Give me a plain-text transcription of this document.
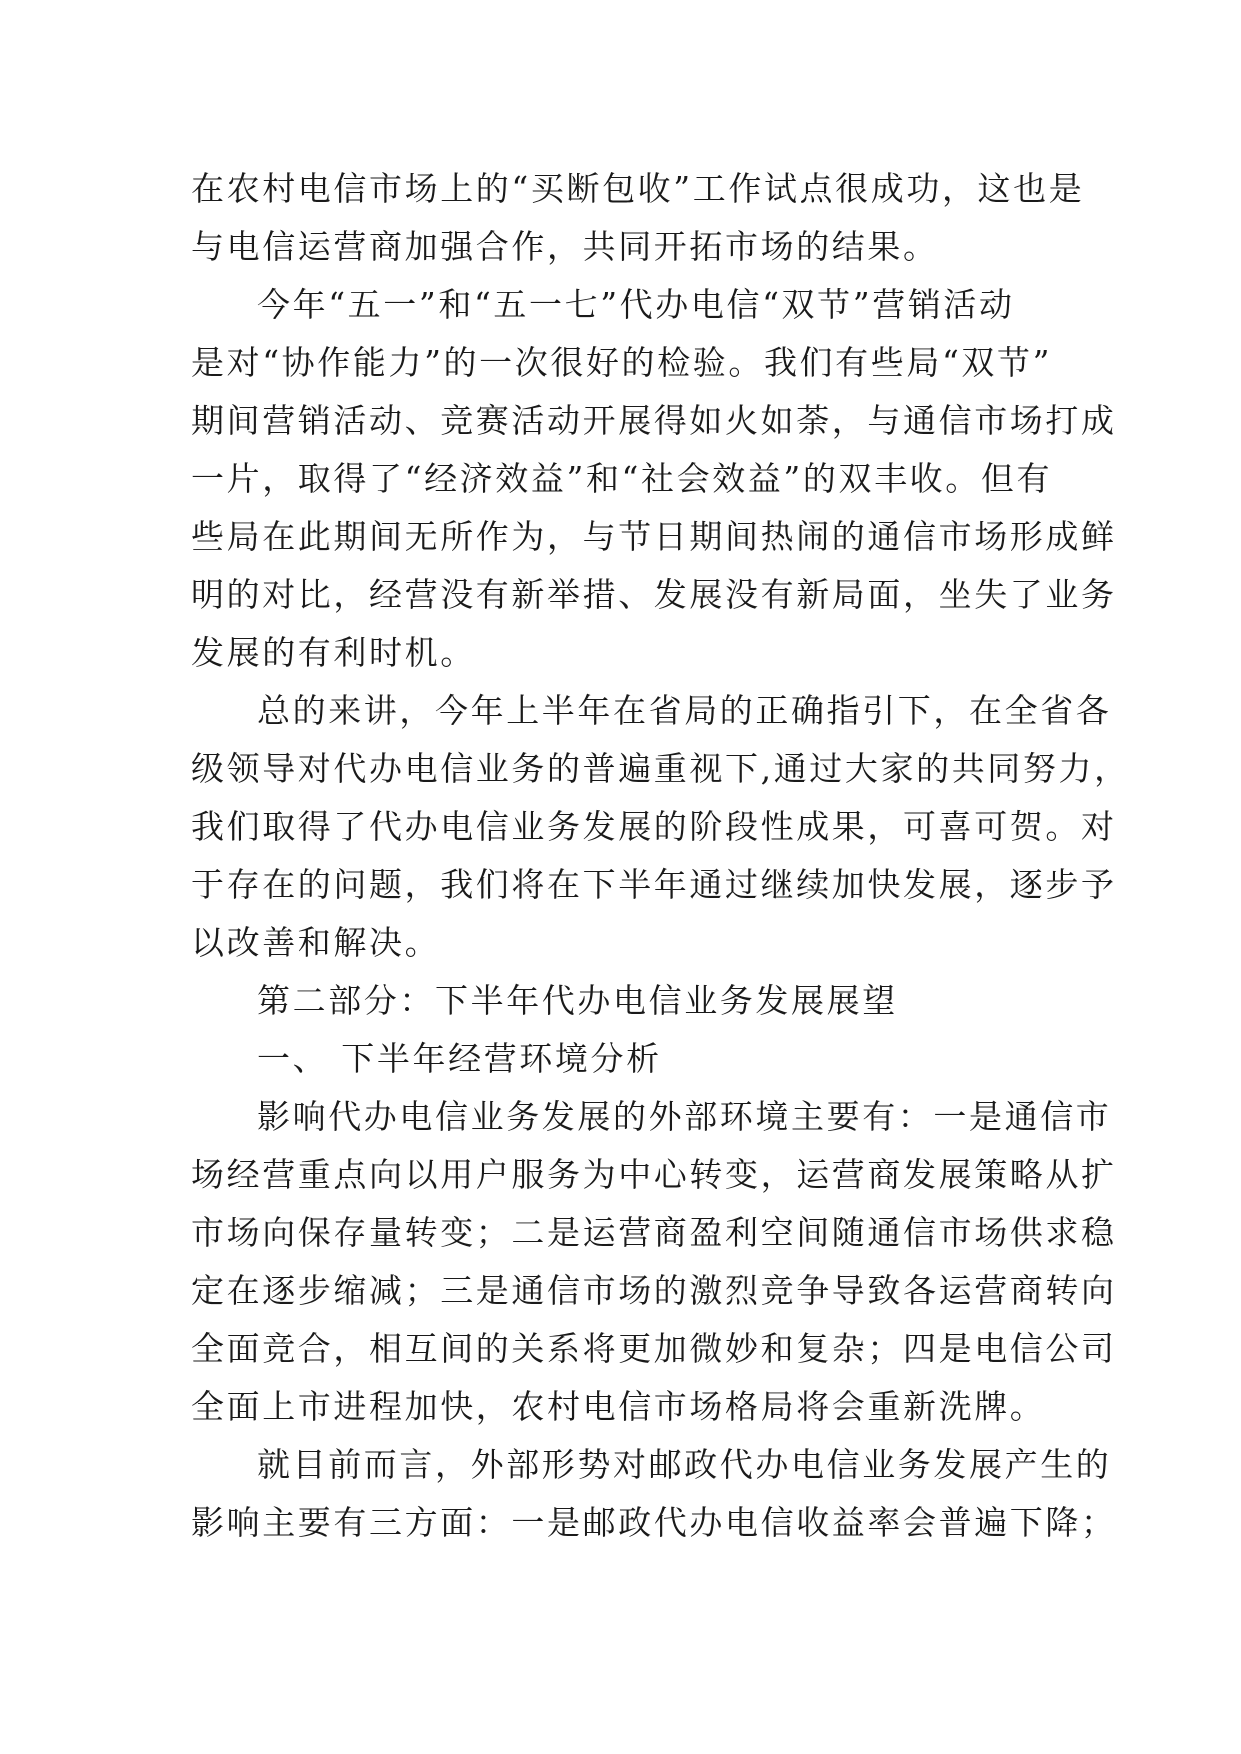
在农村电信市场上的“买断包收”工作试点很成功，这也是
与电信运营商加强合作，共同开拓市场的结果。
今年“五一”和“五一七”代办电信“双节”营销活动
是对“协作能力”的一次很好的检验。我们有些局“双节”
期间营销活动、竞赛活动开展得如火如荼，与通信市场打成
一片，取得了“经济效益”和“社会效益”的双丰收。但有
些局在此期间无所作为，与节日期间热闹的通信市场形成鲜
明的对比，经营没有新举措、发展没有新局面，坐失了业务
发展的有利时机。
总的来讲，今年上半年在省局的正确指引下，在全省各
级领导对代办电信业务的普遍重视下,通过大家的共同努力，
我们取得了代办电信业务发展的阶段性成果，可喜可贺。对
于存在的问题，我们将在下半年通过继续加快发展，逐步予
以改善和解决。
第二部分：下半年代办电信业务发展展望
一、 下半年经营环境分析
影响代办电信业务发展的外部环境主要有：一是通信市
场经营重点向以用户服务为中心转变，运营商发展策略从扩
市场向保存量转变；二是运营商盈利空间随通信市场供求稳
定在逐步缩减；三是通信市场的激烈竞争导致各运营商转向
全面竞合，相互间的关系将更加微妙和复杂；四是电信公司
全面上市进程加快，农村电信市场格局将会重新洗牌。
就目前而言，外部形势对邮政代办电信业务发展产生的
影响主要有三方面：一是邮政代办电信收益率会普遍下降；
